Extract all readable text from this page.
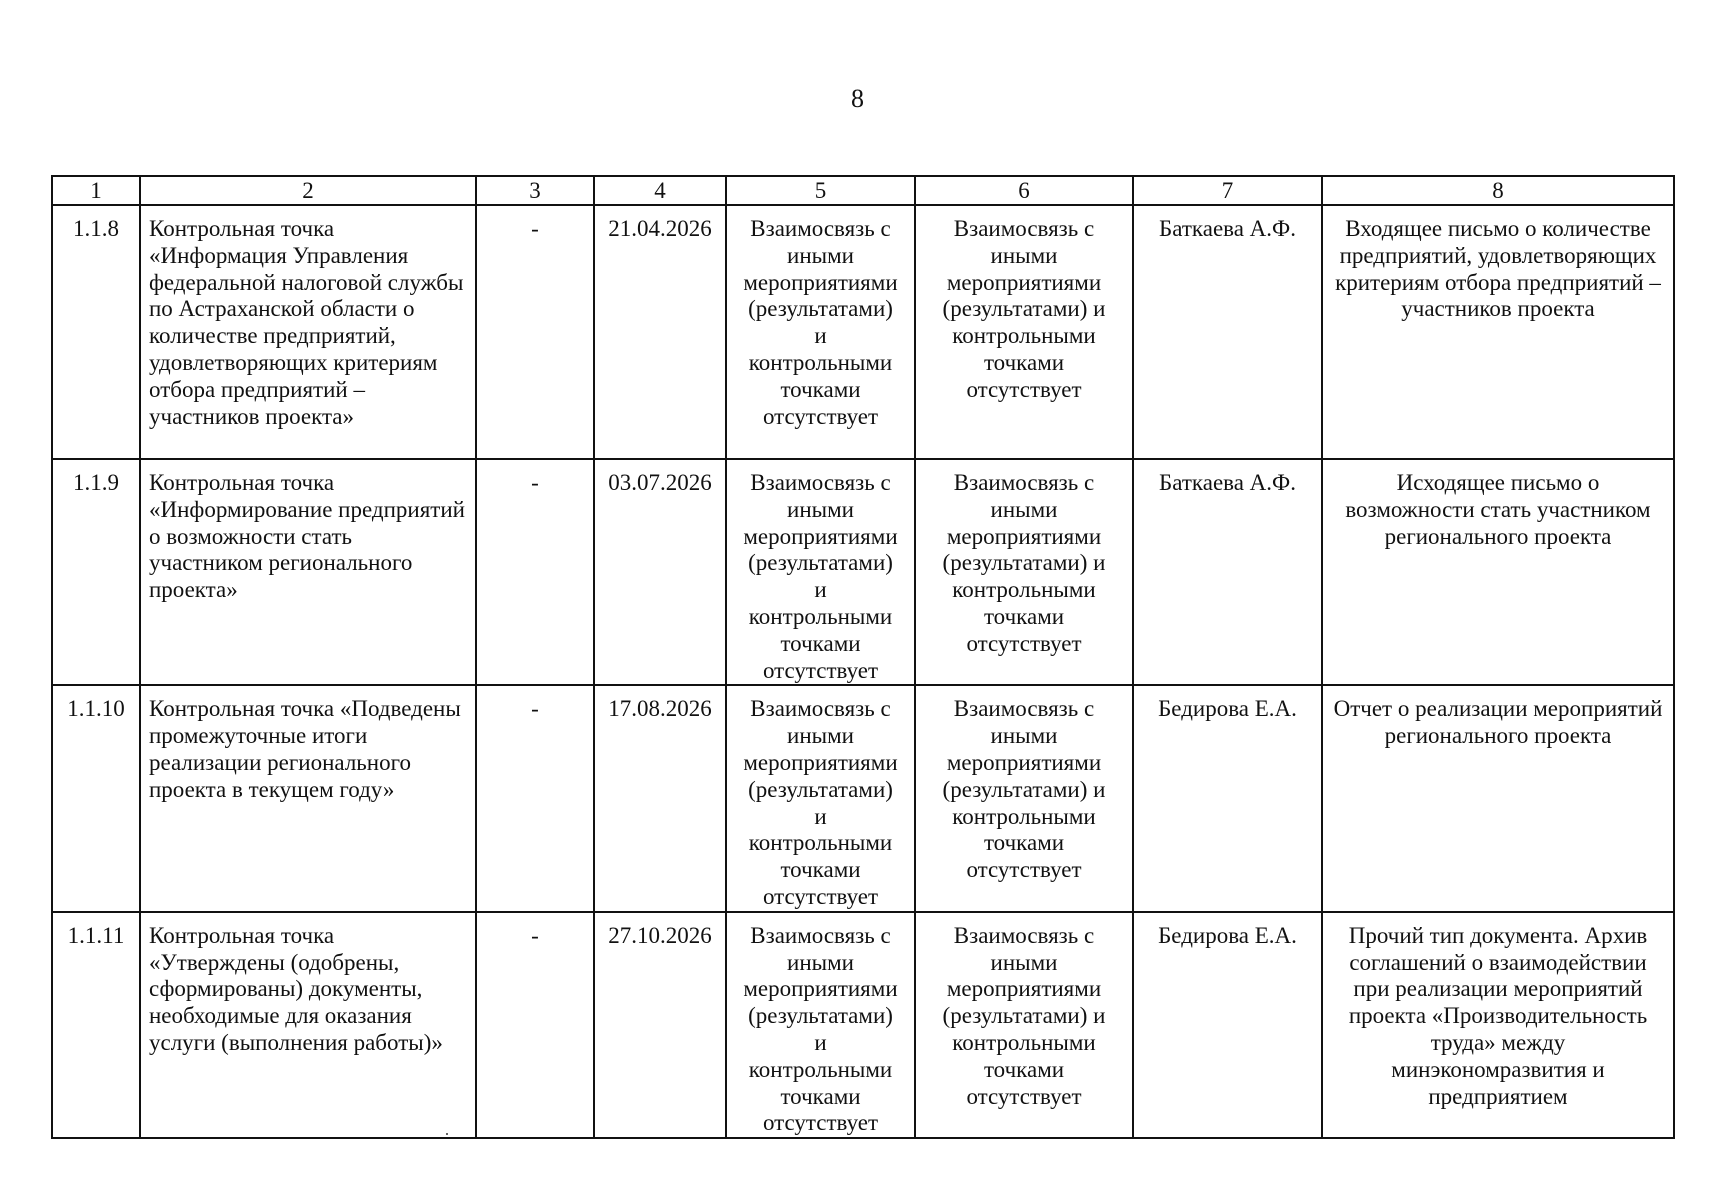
8
1	2	3	4	5	6	7	8
1.1.8	Контрольная точка «Информация Управления федеральной налоговой службы по Астраханской области о количестве предприятий, удовлетворяющих критериям отбора предприятий – участников проекта»	-	21.04.2026	Взаимосвязь с иными мероприятиями (результатами) и контрольными точками отсутствует	Взаимосвязь с иными мероприятиями (результатами) и контрольными точками отсутствует	Баткаева А.Ф.	Входящее письмо о количестве предприятий, удовлетворяющих критериям отбора предприятий – участников проекта
1.1.9	Контрольная точка «Информирование предприятий о возможности стать участником регионального проекта»	-	03.07.2026	Взаимосвязь с иными мероприятиями (результатами) и контрольными точками отсутствует	Взаимосвязь с иными мероприятиями (результатами) и контрольными точками отсутствует	Баткаева А.Ф.	Исходящее письмо о возможности стать участником регионального проекта
1.1.10	Контрольная точка «Подведены промежуточные итоги реализации регионального проекта в текущем году»	-	17.08.2026	Взаимосвязь с иными мероприятиями (результатами) и контрольными точками отсутствует	Взаимосвязь с иными мероприятиями (результатами) и контрольными точками отсутствует	Бедирова Е.А.	Отчет о реализации мероприятий регионального проекта
1.1.11	Контрольная точка «Утверждены (одобрены, сформированы) документы, необходимые для оказания услуги (выполнения работы)»	-	27.10.2026	Взаимосвязь с иными мероприятиями (результатами) и контрольными точками отсутствует	Взаимосвязь с иными мероприятиями (результатами) и контрольными точками отсутствует	Бедирова Е.А.	Прочий тип документа. Архив соглашений о взаимодействии при реализации мероприятий проекта «Производительность труда» между минэкономразвития и предприятием
